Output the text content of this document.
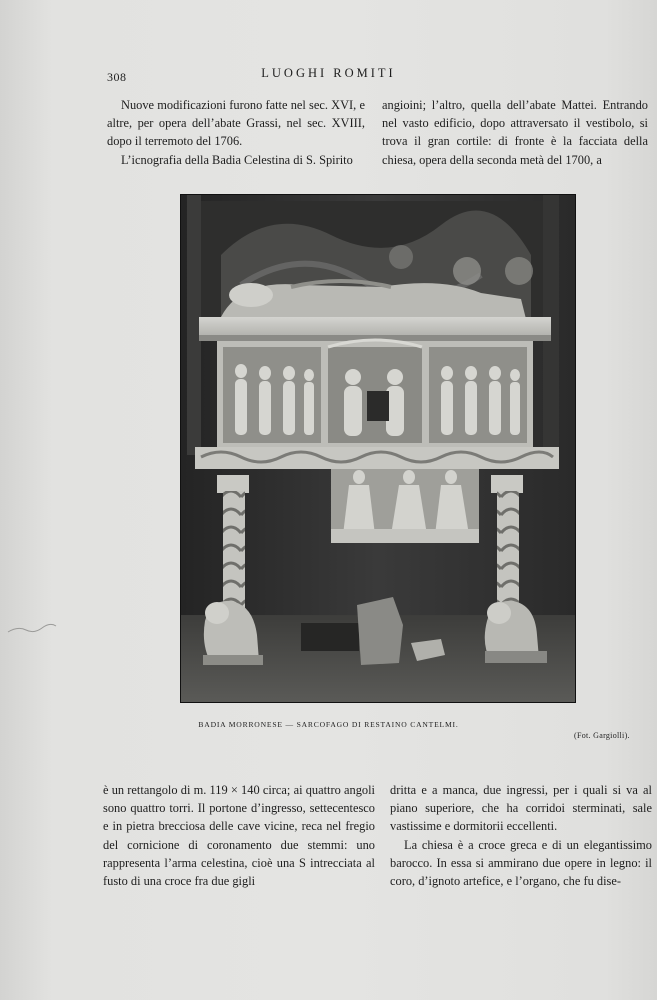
308	LUOGHI ROMITI

Nuove modificazioni furono fatte nel sec. XVI, e altre, per opera dell’abate Grassi, nel sec. XVIII, dopo il terremoto del 1706.

L’icnografia della Badia Celestina di S. Spirito

angioini; l’altro, quella dell’abate Mattei. Entrando nel vasto edificio, dopo attraversato il vestibolo, si trova il gran cortile: di fronte è la facciata della chiesa, opera della seconda metà del 1700, a

BADIA MORRONESE — SARCOFAGO DI RESTAINO CANTELMI.
(Fot. Gargiolli).

è un rettangolo di m. 119 × 140 circa; ai quattro angoli sono quattro torri. Il portone d’ingresso, settecentesco e in pietra brecciosa delle cave vicine, reca nel fregio del cornicione di coronamento due stemmi: uno rappresenta l’arma celestina, cioè una S intrecciata al fusto di una croce fra due gigli

dritta e a manca, due ingressi, per i quali si va al piano superiore, che ha corridoi sterminati, sale vastissime e dormitorii eccellenti.

La chiesa è a croce greca e di un elegantissimo barocco. In essa si ammirano due opere in legno: il coro, d’ignoto artefice, e l’organo, che fu dise-
